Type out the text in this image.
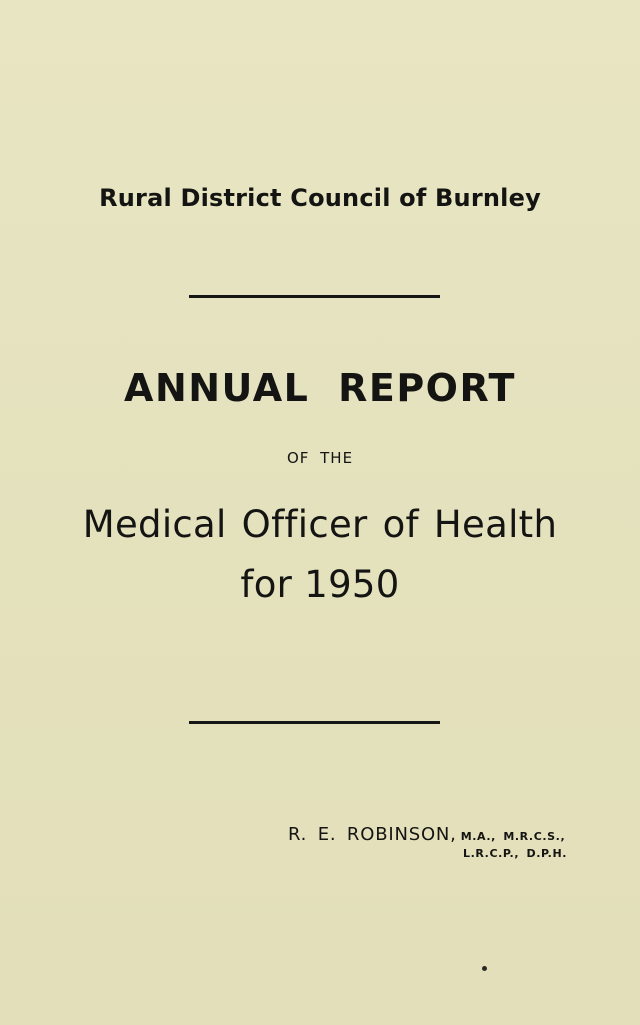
Rural District Council of Burnley
ANNUAL REPORT
OF THE
Medical Officer of Health
for 1950
R. E. ROBINSON, M.A., M.R.C.S.,
L.R.C.P., D.P.H.
